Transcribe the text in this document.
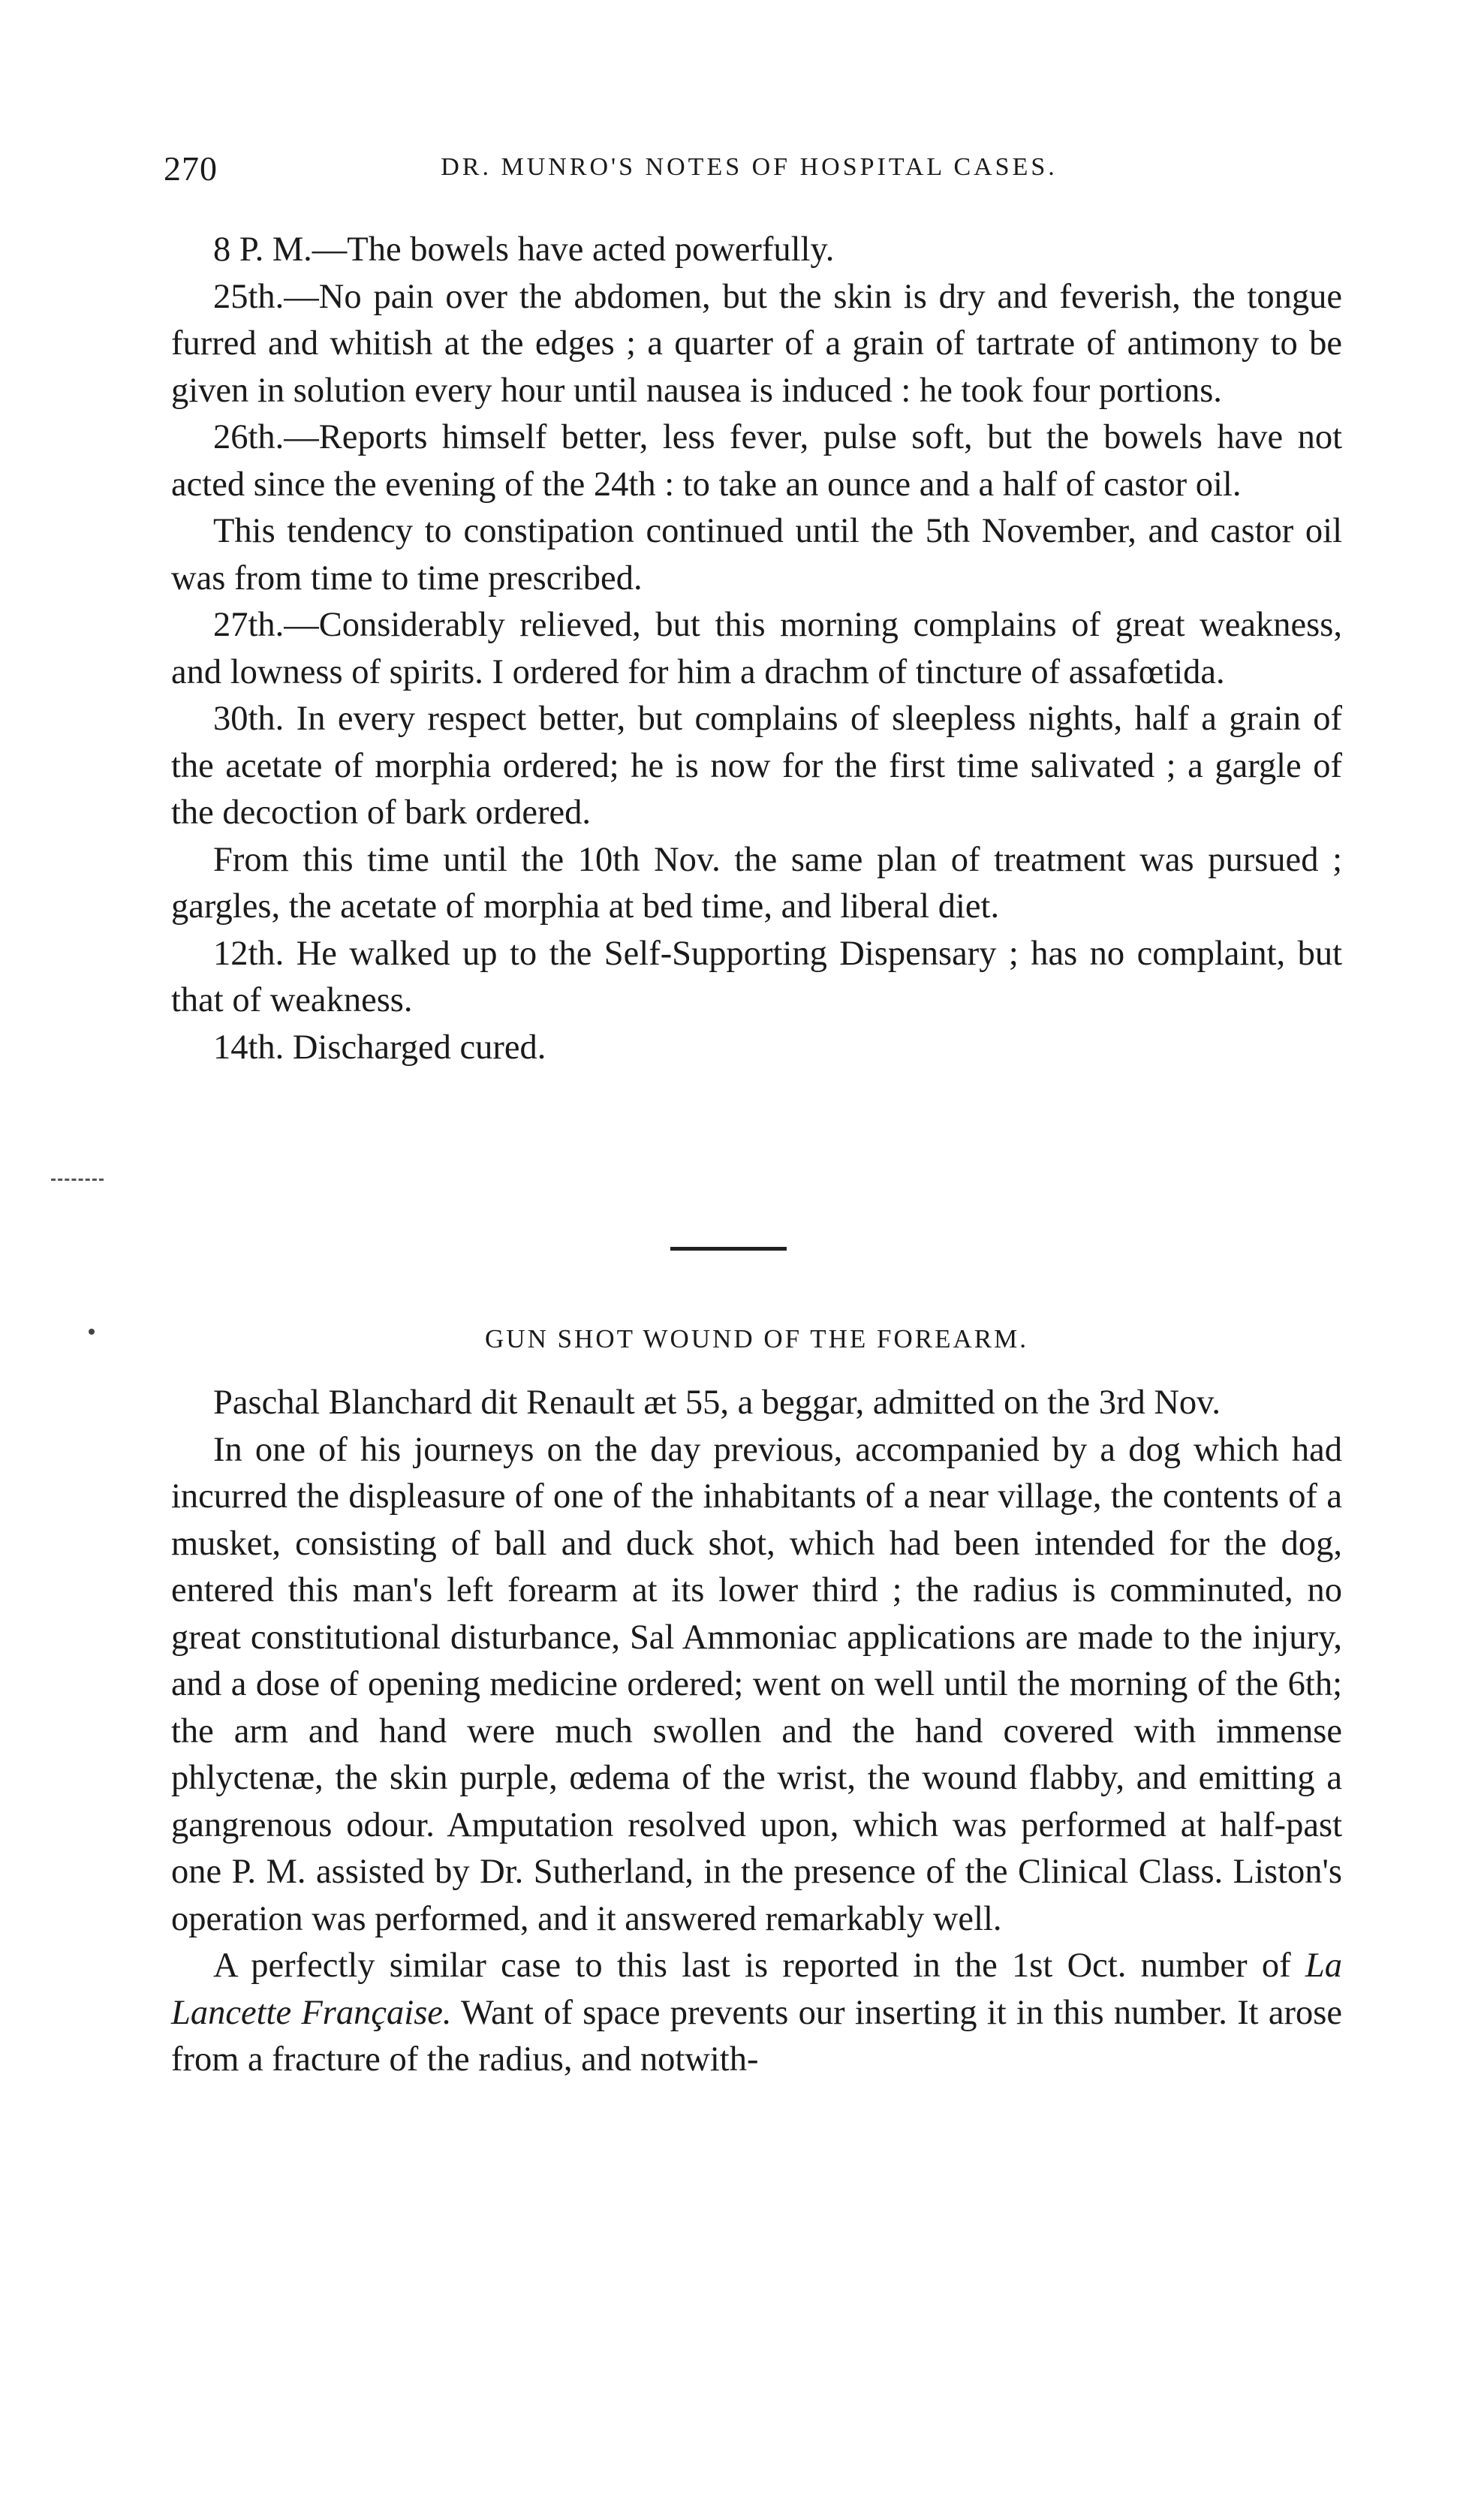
270	DR. MUNRO'S NOTES OF HOSPITAL CASES.

8 P. M.—The bowels have acted powerfully.

25th.—No pain over the abdomen, but the skin is dry and feverish, the tongue furred and whitish at the edges ; a quarter of a grain of tartrate of antimony to be given in solution every hour until nausea is induced : he took four portions.

26th.—Reports himself better, less fever, pulse soft, but the bowels have not acted since the evening of the 24th : to take an ounce and a half of castor oil.

This tendency to constipation continued until the 5th November, and castor oil was from time to time prescribed.

27th.—Considerably relieved, but this morning complains of great weakness, and lowness of spirits. I ordered for him a drachm of tincture of assafœtida.

30th. In every respect better, but complains of sleepless nights, half a grain of the acetate of morphia ordered; he is now for the first time salivated ; a gargle of the decoction of bark ordered.

From this time until the 10th Nov. the same plan of treatment was pursued ; gargles, the acetate of morphia at bed time, and liberal diet.

12th. He walked up to the Self-Supporting Dispensary ; has no complaint, but that of weakness.

14th. Discharged cured.

GUN SHOT WOUND OF THE FOREARM.

Paschal Blanchard dit Renault æt 55, a beggar, admitted on the 3rd Nov.

In one of his journeys on the day previous, accompanied by a dog which had incurred the displeasure of one of the inhabitants of a near village, the contents of a musket, consisting of ball and duck shot, which had been intended for the dog, entered this man's left forearm at its lower third ; the radius is comminuted, no great constitutional disturbance, Sal Ammoniac applications are made to the injury, and a dose of opening medicine ordered; went on well until the morning of the 6th; the arm and hand were much swollen and the hand covered with immense phlyctenæ, the skin purple, œdema of the wrist, the wound flabby, and emitting a gangrenous odour. Amputation resolved upon, which was performed at half-past one P. M. assisted by Dr. Sutherland, in the presence of the Clinical Class. Liston's operation was performed, and it answered remarkably well.

A perfectly similar case to this last is reported in the 1st Oct. number of La Lancette Française. Want of space prevents our inserting it in this number. It arose from a fracture of the radius, and notwith-
